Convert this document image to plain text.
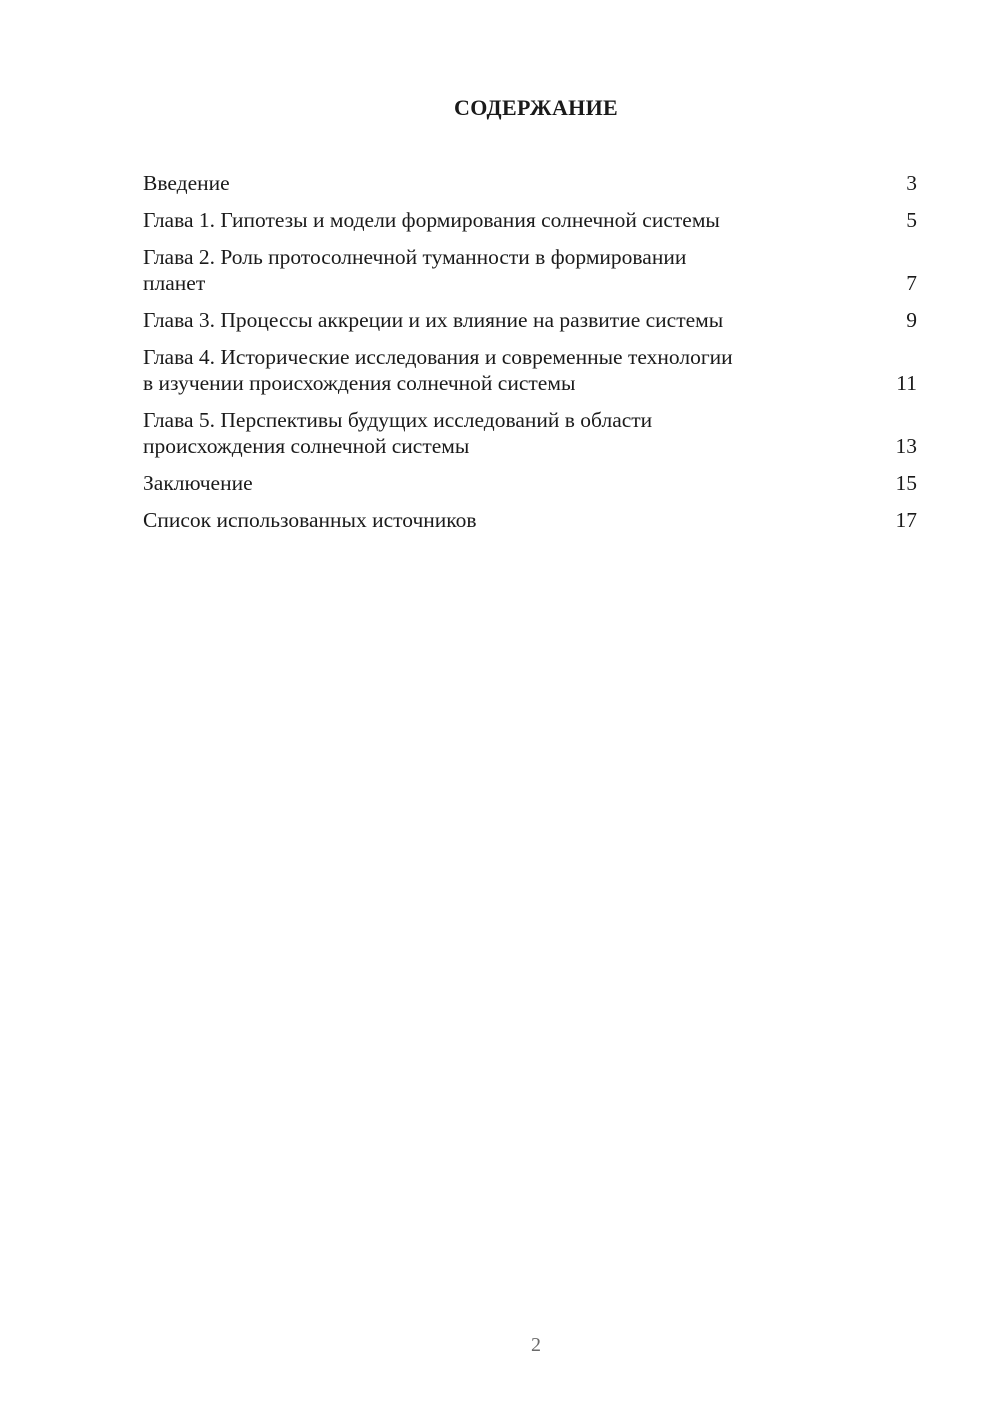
СОДЕРЖАНИЕ
Введение	3
Глава 1. Гипотезы и модели формирования солнечной системы	5
Глава 2. Роль протосолнечной туманности в формировании
планет	7
Глава 3. Процессы аккреции и их влияние на развитие системы	9
Глава 4. Исторические исследования и современные технологии
в изучении происхождения солнечной системы	11
Глава 5. Перспективы будущих исследований в области
происхождения солнечной системы	13
Заключение	15
Список использованных источников	17
2
